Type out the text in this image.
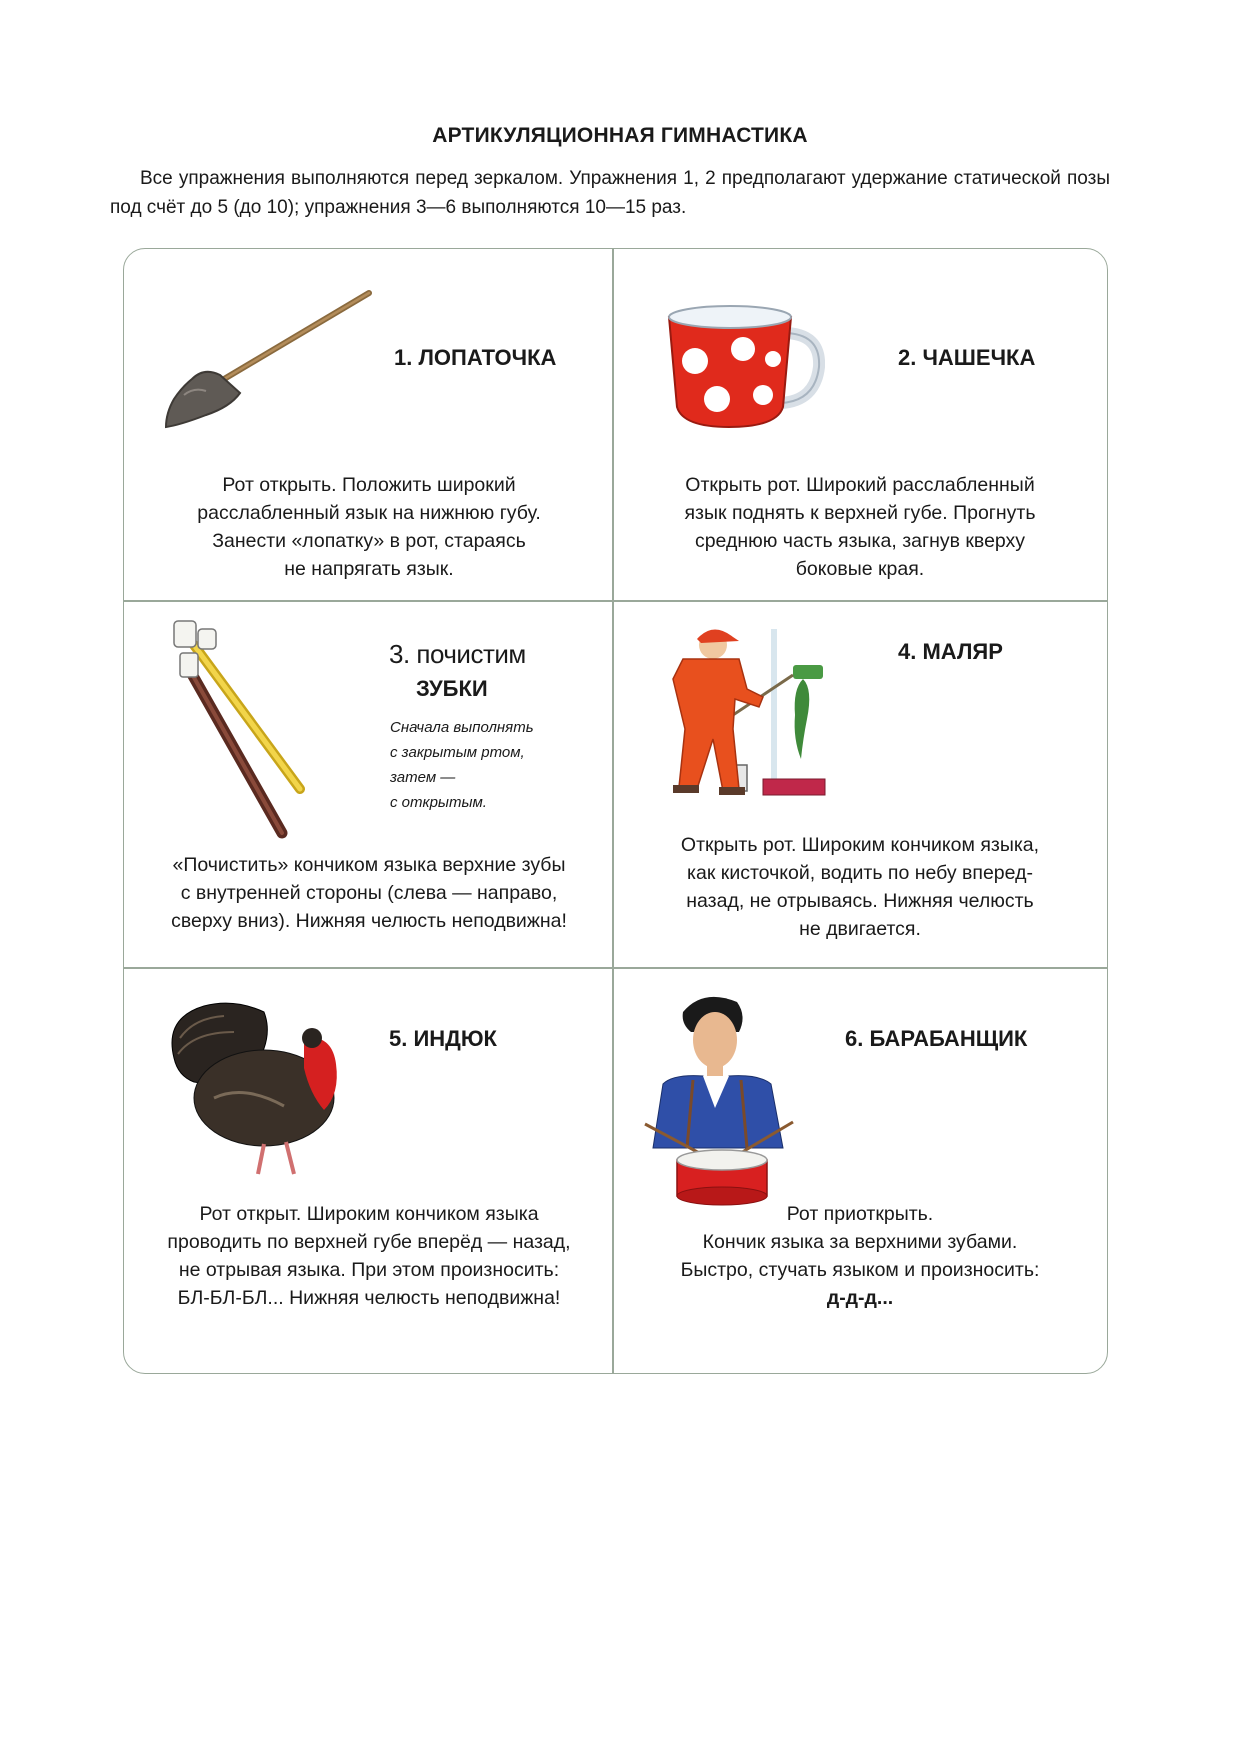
АРТИКУЛЯЦИОННАЯ ГИМНАСТИКА
Все упражнения выполняются перед зеркалом. Упражнения 1, 2 предполагают удержание статической позы под счёт до 5 (до 10); упражнения 3—6 выполняются 10—15 раз.
1. ЛОПАТОЧКА
Рот открыть. Положить широкий
расслабленный язык на нижнюю губу.
Занести «лопатку» в рот, стараясь
не напрягать язык.
2. ЧАШЕЧКА
Открыть рот. Широкий расслабленный
язык поднять к верхней губе. Прогнуть
среднюю часть языка, загнув кверху
боковые края.
3. почистим
ЗУБКИ
Сначала выполнять
с закрытым ртом,
затем —
с открытым.
«Почистить» кончиком языка верхние зубы
с внутренней стороны (слева — направо,
сверху вниз). Нижняя челюсть неподвижна!
4. МАЛЯР
Открыть рот. Широким кончиком языка,
как кисточкой, водить по небу вперед-
назад, не отрываясь. Нижняя челюсть
не двигается.
5. ИНДЮК
Рот открыт. Широким кончиком языка
проводить по верхней губе вперёд — назад,
не отрывая языка. При этом произносить:
БЛ-БЛ-БЛ... Нижняя челюсть неподвижна!
6. БАРАБАНЩИК
Рот приоткрыть.
Кончик языка за верхними зубами.
Быстро, стучать языком и произносить:
д-д-д...
